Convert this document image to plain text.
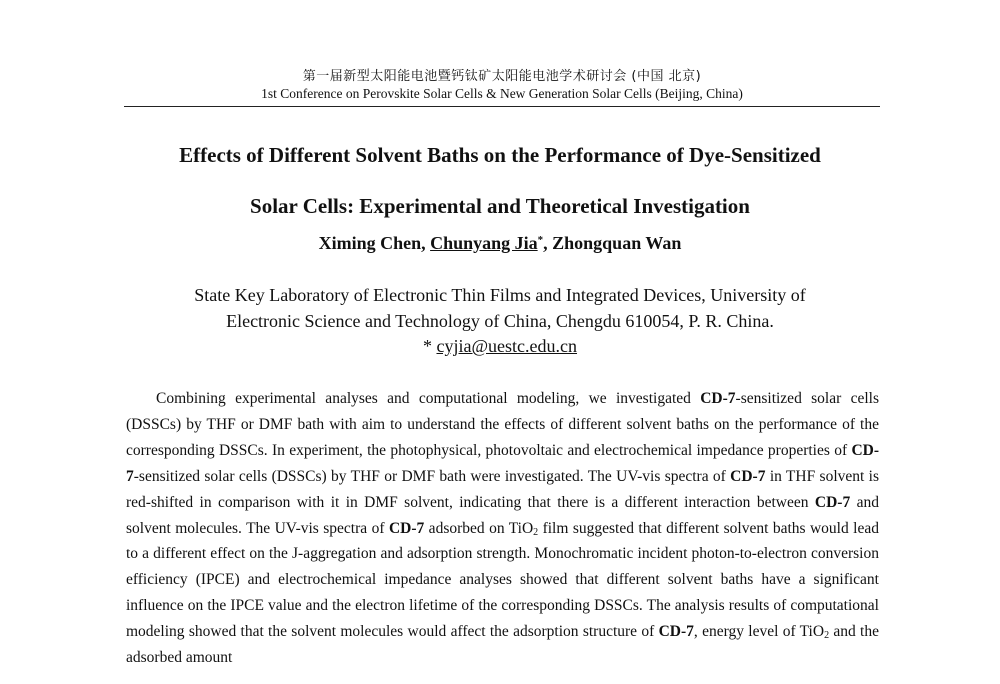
第一届新型太阳能电池暨钙钛矿太阳能电池学术研讨会 (中国 北京)
1st Conference on Perovskite Solar Cells & New Generation Solar Cells (Beijing, China)
Effects of Different Solvent Baths on the Performance of Dye-Sensitized
Solar Cells: Experimental and Theoretical Investigation
Ximing Chen, Chunyang Jia*, Zhongquan Wan
State Key Laboratory of Electronic Thin Films and Integrated Devices, University of
Electronic Science and Technology of China, Chengdu 610054, P. R. China.
* cyjia@uestc.edu.cn

Combining experimental analyses and computational modeling, we investigated CD-7-sensitized solar cells (DSSCs) by THF or DMF bath with aim to understand the effects of different solvent baths on the performance of the corresponding DSSCs. In experiment, the photophysical, photovoltaic and electrochemical impedance properties of CD-7-sensitized solar cells (DSSCs) by THF or DMF bath were investigated. The UV-vis spectra of CD-7 in THF solvent is red-shifted in comparison with it in DMF solvent, indicating that there is a different interaction between CD-7 and solvent molecules. The UV-vis spectra of CD-7 adsorbed on TiO$_2$ film suggested that different solvent baths would lead to a different effect on the J-aggregation and adsorption strength. Monochromatic incident photon-to-electron conversion efficiency (IPCE) and electrochemical impedance analyses showed that different solvent baths have a significant influence on the IPCE value and the electron lifetime of the corresponding DSSCs. The analysis results of computational modeling showed that the solvent molecules would affect the adsorption structure of CD-7, energy level of TiO$_2$ and the adsorbed amount
